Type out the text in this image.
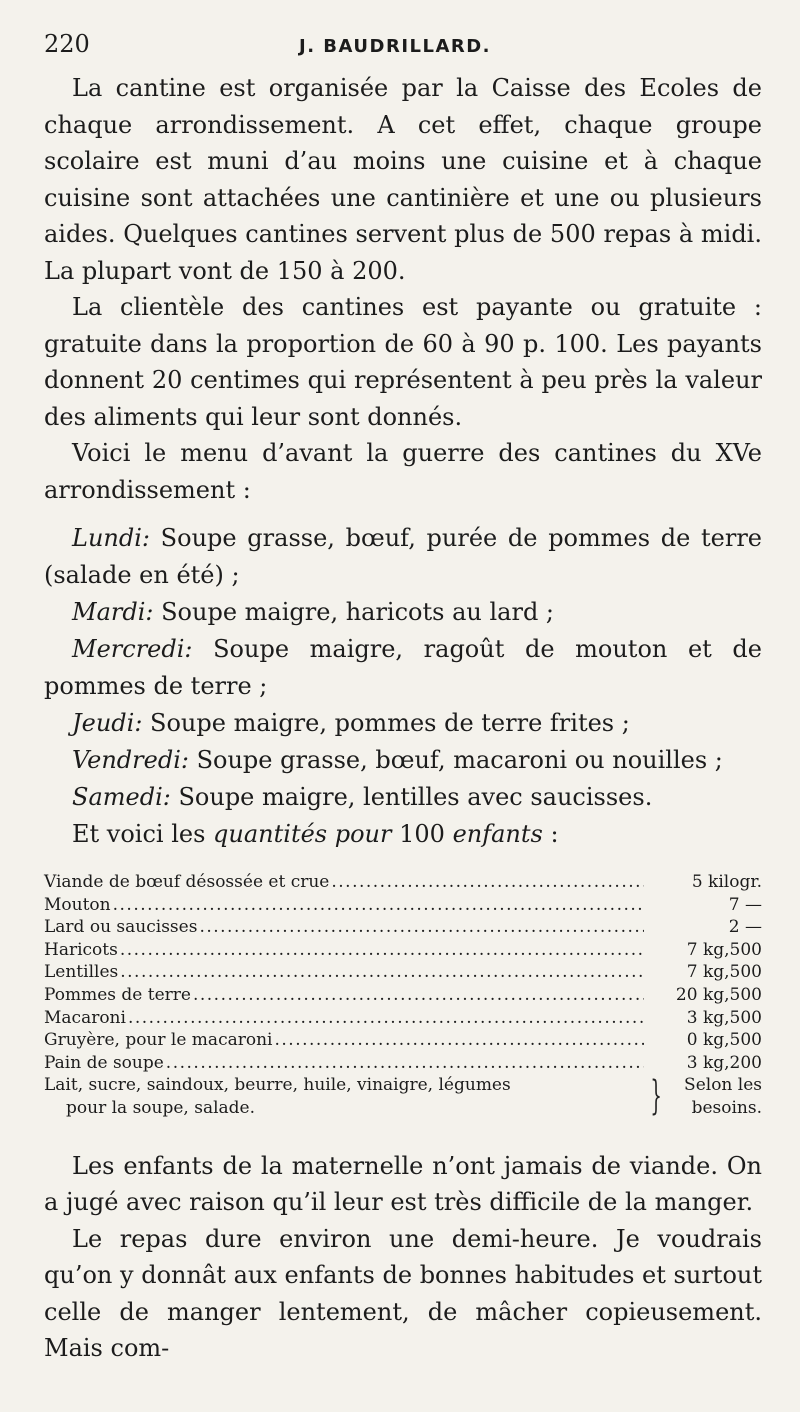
220	J. BAUDRILLARD.

La cantine est organisée par la Caisse des Ecoles de chaque arrondissement. A cet effet, chaque groupe scolaire est muni d’au moins une cuisine et à chaque cuisine sont attachées une cantinière et une ou plusieurs aides. Quelques cantines servent plus de 500 repas à midi. La plupart vont de 150 à 200.

La clientèle des cantines est payante ou gratuite : gratuite dans la proportion de 60 à 90 p. 100. Les payants donnent 20 centimes qui représentent à peu près la valeur des aliments qui leur sont donnés.

Voici le menu d’avant la guerre des cantines du XVe arrondissement :

Lundi: Soupe grasse, bœuf, purée de pommes de terre (salade en été) ;

Mardi: Soupe maigre, haricots au lard ;

Mercredi: Soupe maigre, ragoût de mouton et de pommes de terre ;

Jeudi: Soupe maigre, pommes de terre frites ;

Vendredi: Soupe grasse, bœuf, macaroni ou nouilles ;

Samedi: Soupe maigre, lentilles avec saucisses.

Et voici les quantités pour 100 enfants :

Viande de bœuf désossée et crue .....	5 kilogr.
Mouton .....	7 —
Lard ou saucisses .....	2 —
Haricots .....	7 kg,500
Lentilles .....	7 kg,500
Pommes de terre .....	20 kg,500
Macaroni .....	3 kg,500
Gruyère, pour le macaroni .....	0 kg,500
Pain de soupe .....	3 kg,200
Lait, sucre, saindoux, beurre, huile, vinaigre, légumes
pour la soupe, salade.	}	Selon les
besoins.

Les enfants de la maternelle n’ont jamais de viande. On a jugé avec raison qu’il leur est très difficile de la manger.

Le repas dure environ une demi-heure. Je voudrais qu’on y donnât aux enfants de bonnes habitudes et surtout celle de manger lentement, de mâcher copieusement. Mais com-
